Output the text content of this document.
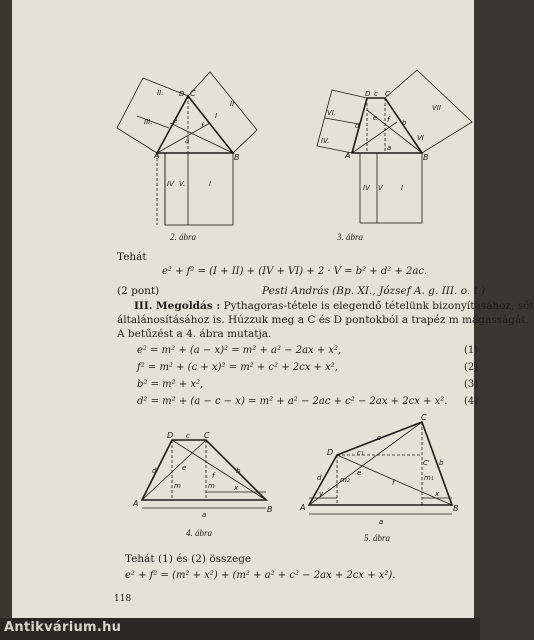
A	B
C
D
II.
III.
I
II
a
e
f
IV V.	I
2. ábra
A	B
D c C
VI.
IV.	VI
VII
d	b
f
e
a
IV V	I
3. ábra
Tehát
e² + f² = (I + II) + (IV + VI) + 2 · V = b² + d² + 2ac.
(2 pont)	Pesti András (Bp. XI., József A. g. III. o. t.)
III. Megoldás : Pythagoras-tétele is elegendő tételünk bizonyításához, sőt
általánosításához is. Húzzuk meg a C és D pontokból a trapéz m magasságát.
A betűzést a 4. ábra mutatja.
e² = m² + (a − x)² = m² + a² − 2ax + x²,	(1)
f² = m² + (c + x)² = m² + c² + 2cx + x²,	(2)
b² = m² + x²,	(3)
d² = m² + (a − c − x) = m² + a² − 2ac + c² − 2ax + 2cx + x². (4)
A
B
D c C
d	b
e
f
m	m	x
a
4. ábra
A	B
D
C
C'
c
c₁
d
b
e
f
m₂	m₁
y	x
a
5. ábra
Tehát (1) és (2) összege
e² + f² = (m² + x²) + (m² + a² + c² − 2ax + 2cx + x²).
118
Antikvárium.hu
